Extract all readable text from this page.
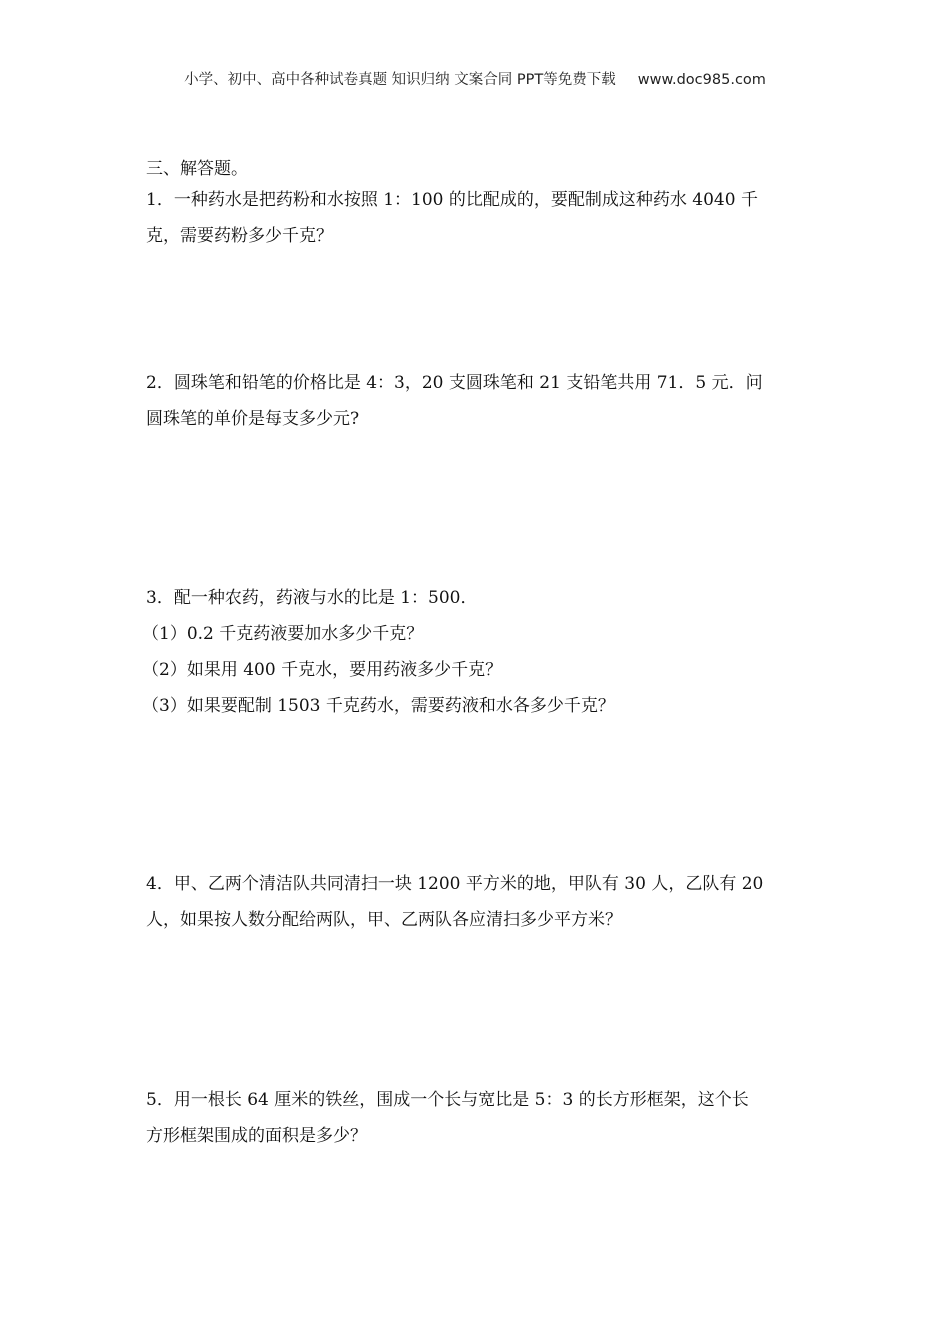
小学、初中、高中各种试卷真题 知识归纳 文案合同 PPT等免费下载 www.doc985.com
三、解答题。

1．一种药水是把药粉和水按照 1：100 的比配成的，要配制成这种药水 4040 千

克，需要药粉多少千克？

2．圆珠笔和铅笔的价格比是 4：3，20 支圆珠笔和 21 支铅笔共用 71．5 元．问

圆珠笔的单价是每支多少元?

3．配一种农药，药液与水的比是 1：500．

（1）0.2 千克药液要加水多少千克？

（2）如果用 400 千克水，要用药液多少千克？

（3）如果要配制 1503 千克药水，需要药液和水各多少千克？

4．甲、乙两个清洁队共同清扫一块 1200 平方米的地，甲队有 30 人，乙队有 20

人，如果按人数分配给两队，甲、乙两队各应清扫多少平方米？

5．用一根长 64 厘米的铁丝，围成一个长与宽比是 5：3 的长方形框架，这个长

方形框架围成的面积是多少？
